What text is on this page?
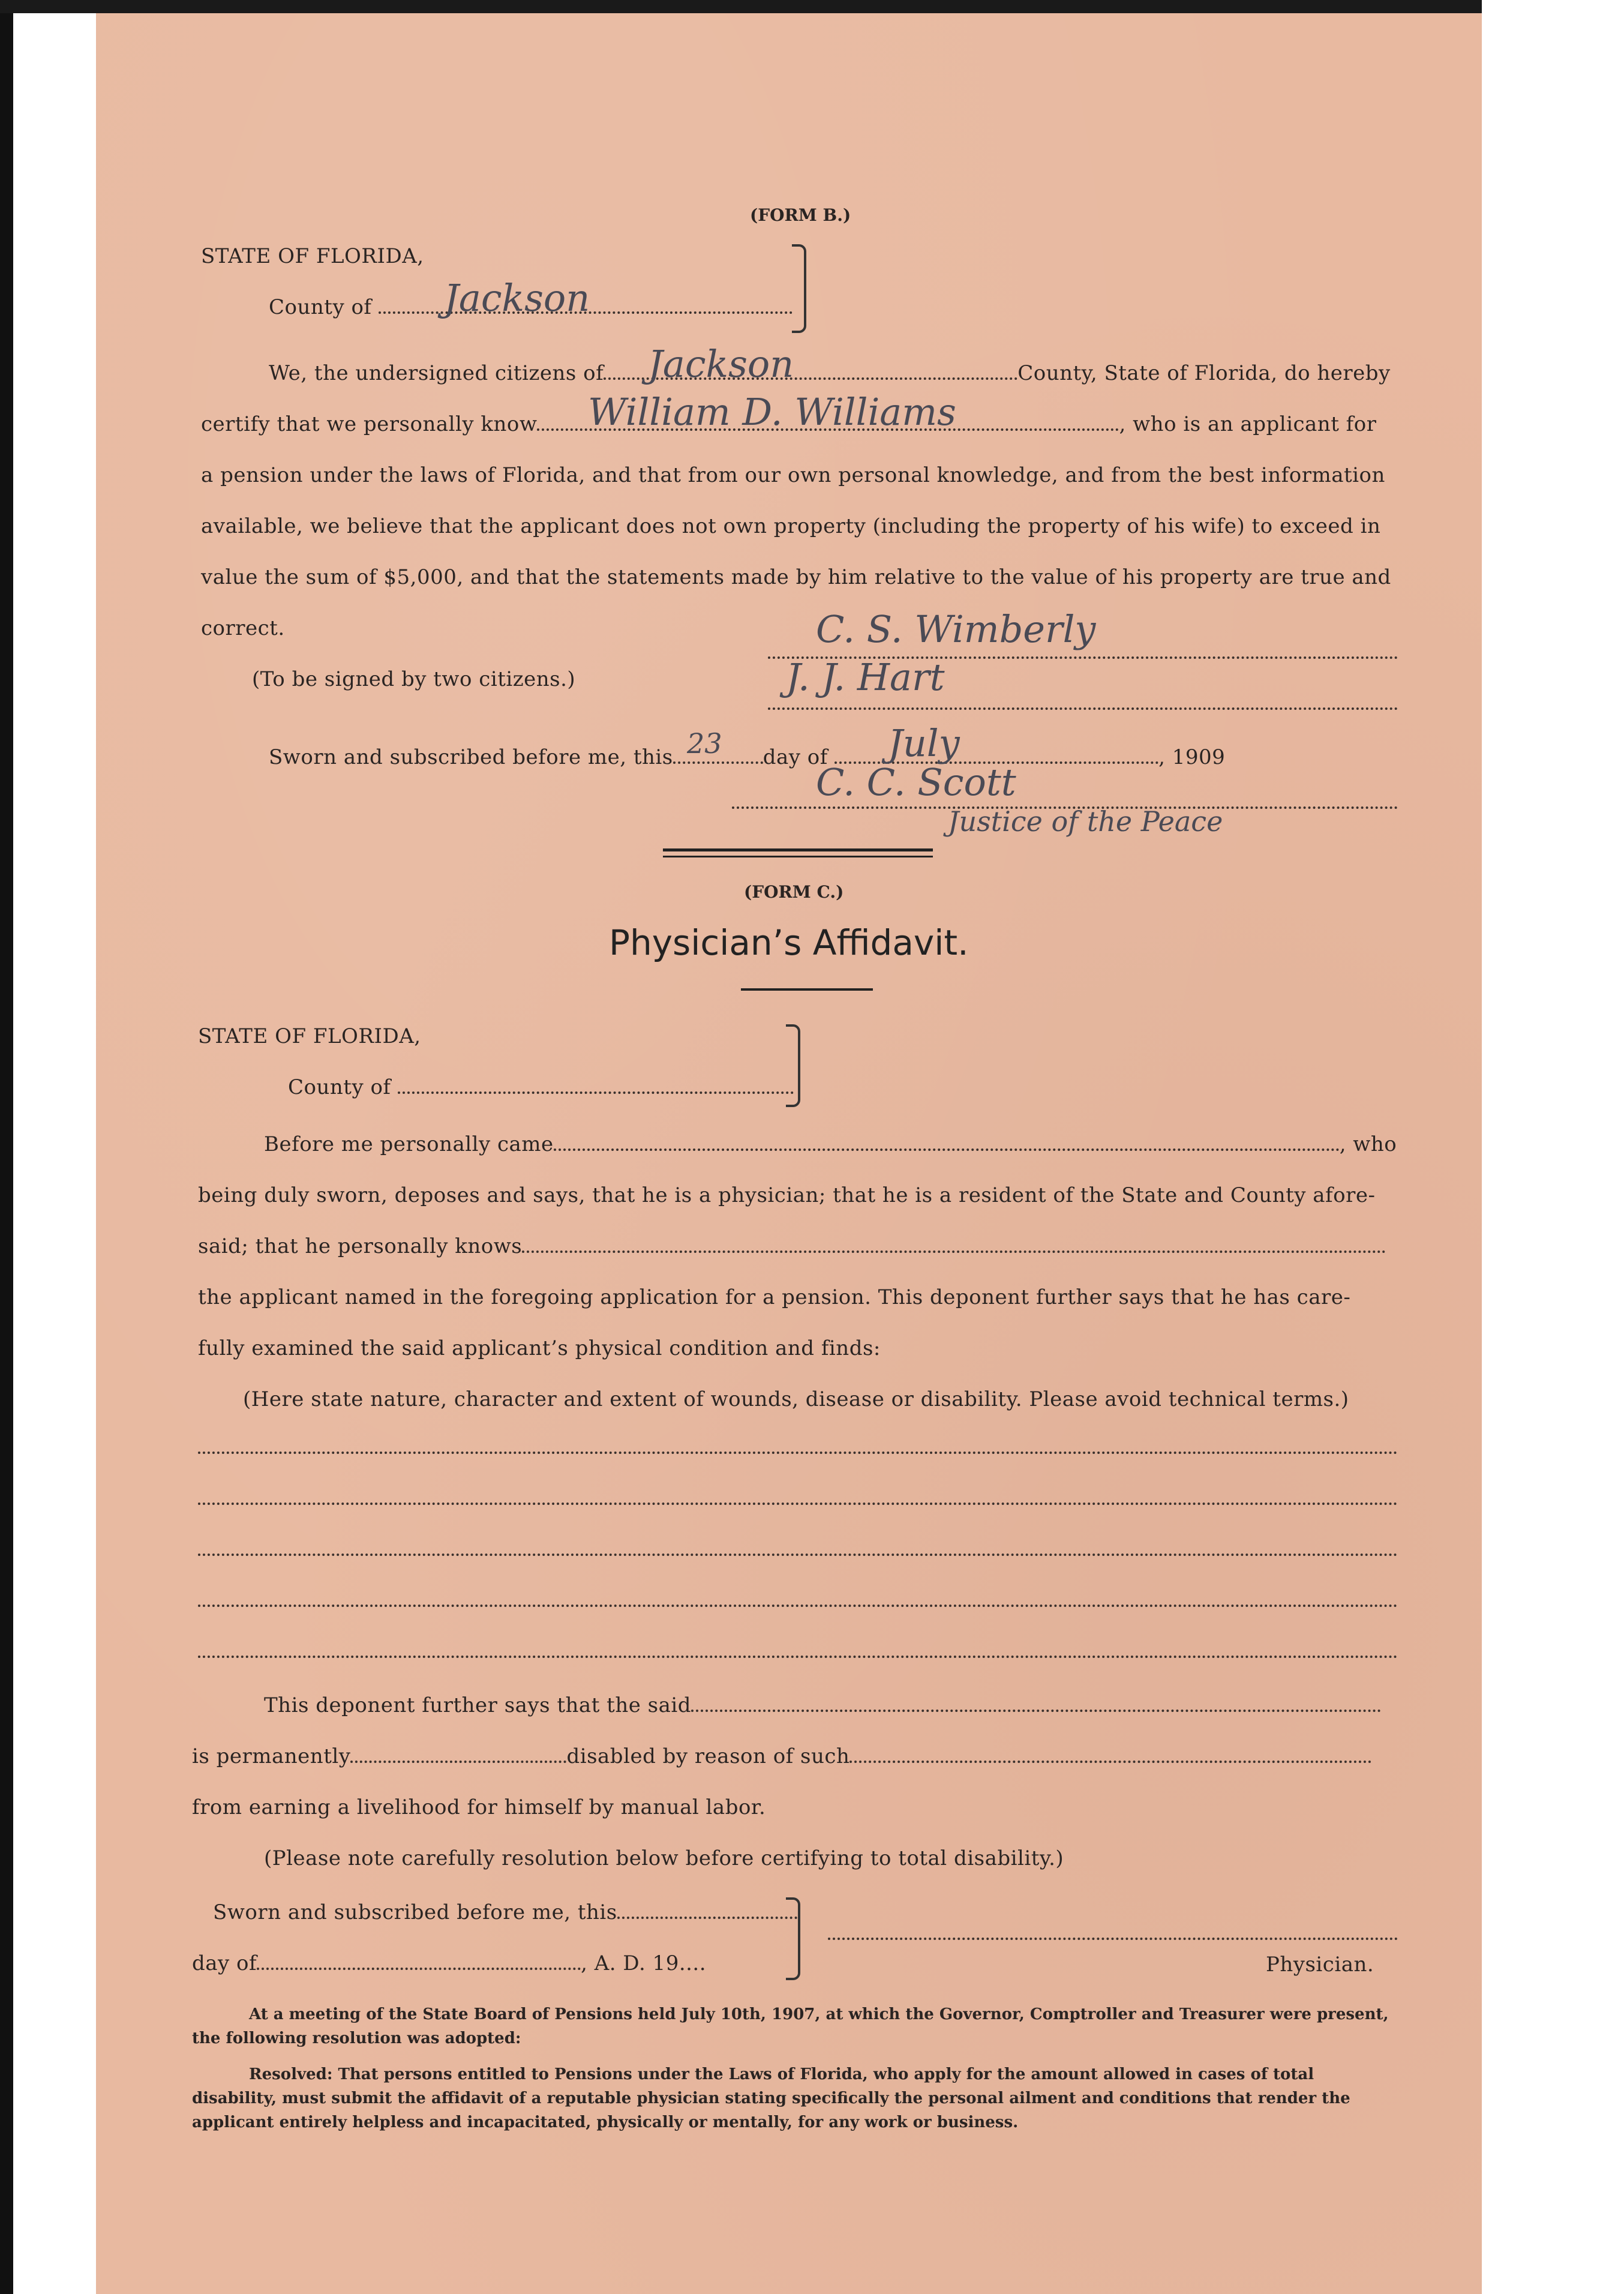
(FORM B.)
STATE OF FLORIDA,
County of	Jackson
We, the undersigned citizens of	County, State of Florida, do hereby
Jackson
certify that we personally know	, who is an applicant for
William D. Williams
a pension under the laws of Florida, and that from our own personal knowledge, and from the best information
available, we believe that the applicant does not own property (including the property of his wife) to exceed in
value the sum of $5,000, and that the statements made by him relative to the value of his property are true and
correct.	C. S. Wimberly
(To be signed by two citizens.)	J. J. Hart
Sworn and subscribed before me, this	day of	, 1909
23	July
C. C. Scott
Justice of the Peace
(FORM C.)
Physician’s Affidavit.
STATE OF FLORIDA,
County of
Before me personally came	, who
being duly sworn, deposes and says, that he is a physician; that he is a resident of the State and County afore-
said; that he personally knows
the applicant named in the foregoing application for a pension. This deponent further says that he has care-
fully examined the said applicant’s physical condition and finds:
(Here state nature, character and extent of wounds, disease or disability. Please avoid technical terms.)
This deponent further says that the said
is permanently	disabled by reason of such
from earning a livelihood for himself by manual labor.
(Please note carefully resolution below before certifying to total disability.)
Sworn and subscribed before me, this
day of	, A. D. 19....	Physician.
At a meeting of the State Board of Pensions held July 10th, 1907, at which the Governor, Comptroller and Treasurer were present, the following resolution was adopted:
Resolved: That persons entitled to Pensions under the Laws of Florida, who apply for the amount allowed in cases of total disability, must submit the affidavit of a reputable physician stating specifically the personal ailment and conditions that render the applicant entirely helpless and incapacitated, physically or mentally, for any work or business.
